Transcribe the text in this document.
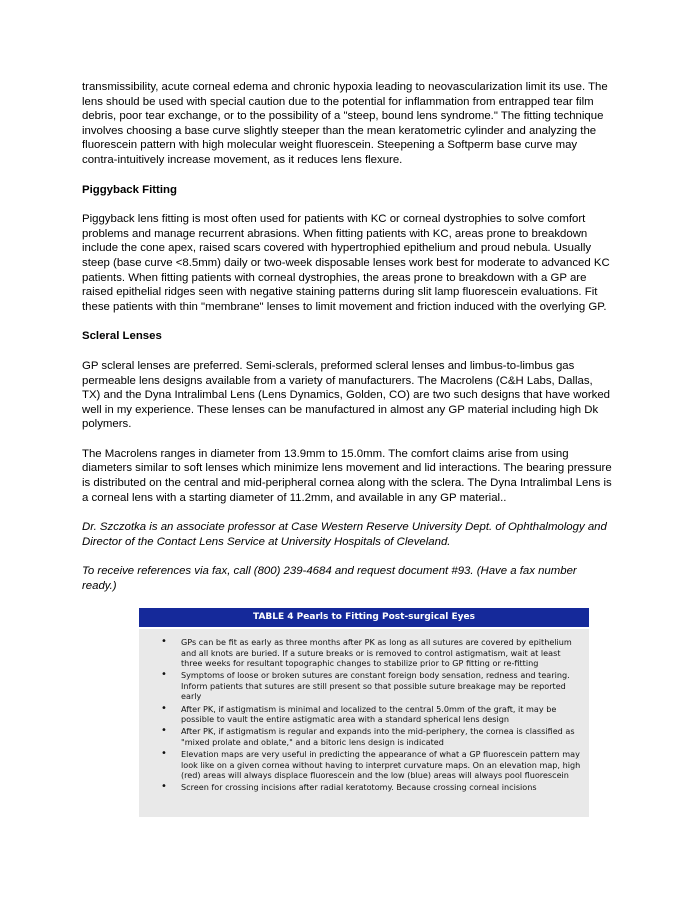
transmissibility, acute corneal edema and chronic hypoxia leading to neovascularization limit its use. The lens should be used with special caution due to the potential for inflammation from entrapped tear film debris, poor tear exchange, or to the possibility of a "steep, bound lens syndrome." The fitting technique involves choosing a base curve slightly steeper than the mean keratometric cylinder and analyzing the fluorescein pattern with high molecular weight fluorescein. Steepening a Softperm base curve may contra-intuitively increase movement, as it reduces lens flexure.

Piggyback Fitting

Piggyback lens fitting is most often used for patients with KC or corneal dystrophies to solve comfort problems and manage recurrent abrasions. When fitting patients with KC, areas prone to breakdown include the cone apex, raised scars covered with hypertrophied epithelium and proud nebula. Usually steep (base curve <8.5mm) daily or two-week disposable lenses work best for moderate to advanced KC patients. When fitting patients with corneal dystrophies, the areas prone to breakdown with a GP are raised epithelial ridges seen with negative staining patterns during slit lamp fluorescein evaluations. Fit these patients with thin "membrane" lenses to limit movement and friction induced with the overlying GP.

Scleral Lenses

GP scleral lenses are preferred. Semi-sclerals, preformed scleral lenses and limbus-to-limbus gas permeable lens designs available from a variety of manufacturers. The Macrolens (C&H Labs, Dallas, TX) and the Dyna Intralimbal Lens (Lens Dynamics, Golden, CO) are two such designs that have worked well in my experience. These lenses can be manufactured in almost any GP material including high Dk polymers.

The Macrolens ranges in diameter from 13.9mm to 15.0mm. The comfort claims arise from using diameters similar to soft lenses which minimize lens movement and lid interactions. The bearing pressure is distributed on the central and mid-peripheral cornea along with the sclera. The Dyna Intralimbal Lens is a corneal lens with a starting diameter of 11.2mm, and available in any GP material..

Dr. Szczotka is an associate professor at Case Western Reserve University Dept. of Ophthalmology and Director of the Contact Lens Service at University Hospitals of Cleveland.

To receive references via fax, call (800) 239-4684 and request document #93. (Have a fax number ready.)

TABLE 4 Pearls to Fitting Post-surgical Eyes
• GPs can be fit as early as three months after PK as long as all sutures are covered by epithelium and all knots are buried. If a suture breaks or is removed to control astigmatism, wait at least three weeks for resultant topographic changes to stabilize prior to GP fitting or re-fitting
• Symptoms of loose or broken sutures are constant foreign body sensation, redness and tearing. Inform patients that sutures are still present so that possible suture breakage may be reported early
• After PK, if astigmatism is minimal and localized to the central 5.0mm of the graft, it may be possible to vault the entire astigmatic area with a standard spherical lens design
• After PK, if astigmatism is regular and expands into the mid-periphery, the cornea is classified as "mixed prolate and oblate," and a bitoric lens design is indicated
• Elevation maps are very useful in predicting the appearance of what a GP fluorescein pattern may look like on a given cornea without having to interpret curvature maps. On an elevation map, high (red) areas will always displace fluorescein and the low (blue) areas will always pool fluorescein
• Screen for crossing incisions after radial keratotomy. Because crossing corneal incisions
